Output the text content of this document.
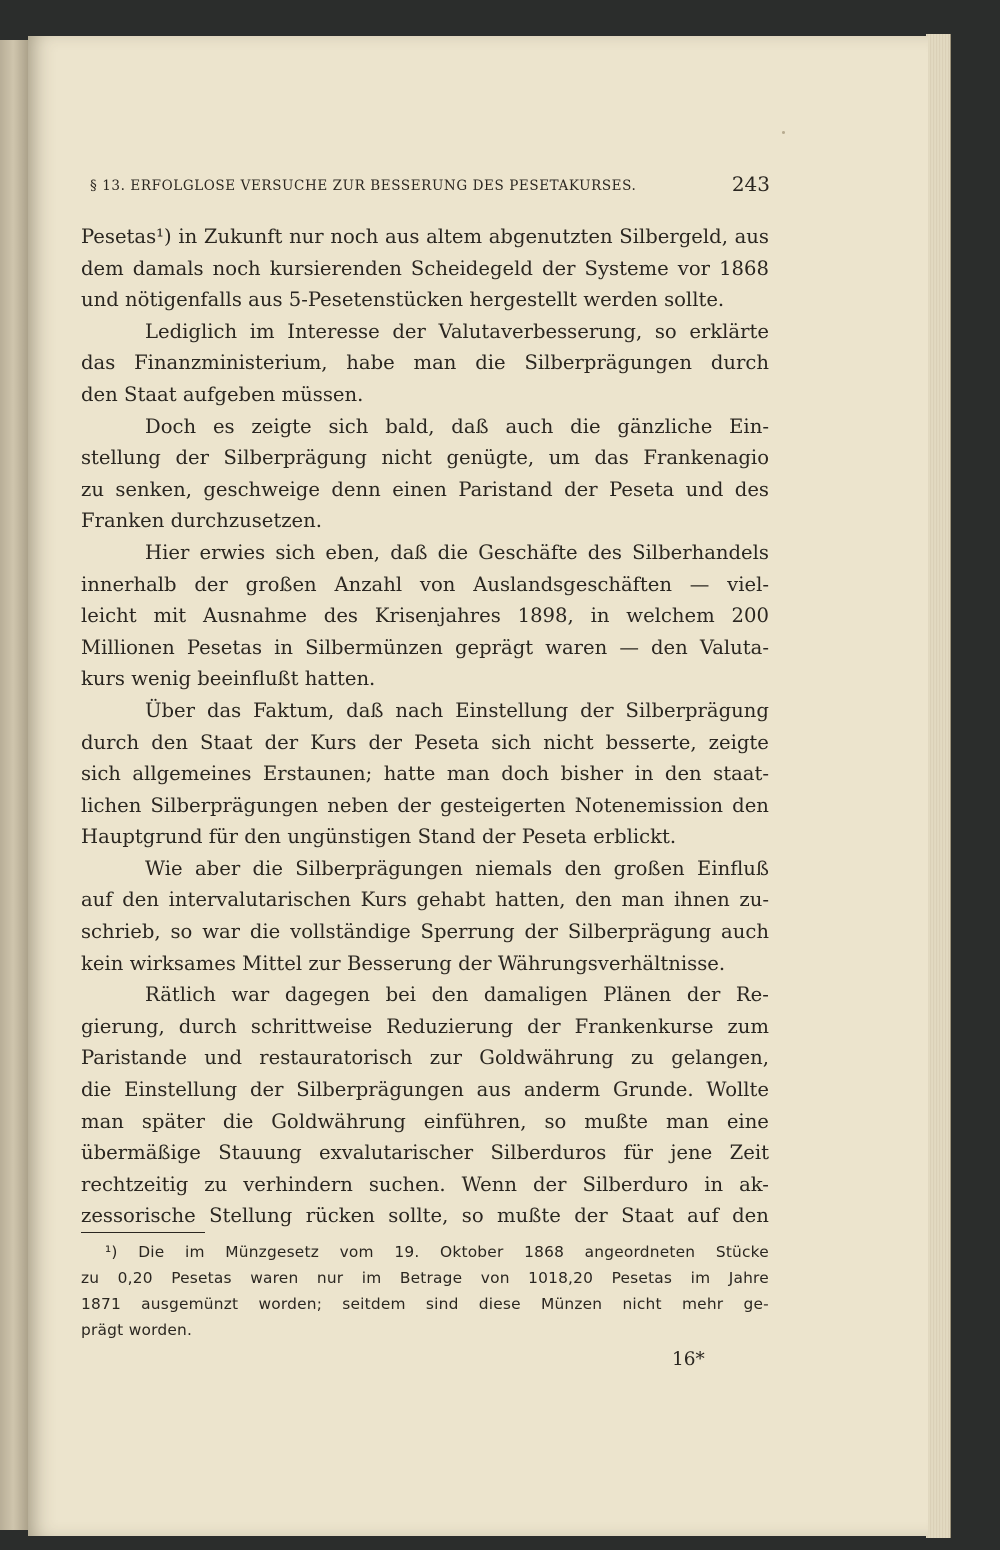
§ 13. ERFOLGLOSE VERSUCHE ZUR BESSERUNG DES PESETAKURSES.	243
Pesetas¹) in Zukunft nur noch aus altem abgenutzten Silbergeld, aus
dem damals noch kursierenden Scheidegeld der Systeme vor 1868
und nötigenfalls aus 5-Pesetenstücken hergestellt werden sollte.
Lediglich im Interesse der Valutaverbesserung, so erklärte
das Finanzministerium, habe man die Silberprägungen durch
den Staat aufgeben müssen.
Doch es zeigte sich bald, daß auch die gänzliche Ein-
stellung der Silberprägung nicht genügte, um das Frankenagio
zu senken, geschweige denn einen Paristand der Peseta und des
Franken durchzusetzen.
Hier erwies sich eben, daß die Geschäfte des Silberhandels
innerhalb der großen Anzahl von Auslandsgeschäften — viel-
leicht mit Ausnahme des Krisenjahres 1898, in welchem 200
Millionen Pesetas in Silbermünzen geprägt waren — den Valuta-
kurs wenig beeinflußt hatten.
Über das Faktum, daß nach Einstellung der Silberprägung
durch den Staat der Kurs der Peseta sich nicht besserte, zeigte
sich allgemeines Erstaunen; hatte man doch bisher in den staat-
lichen Silberprägungen neben der gesteigerten Notenemission den
Hauptgrund für den ungünstigen Stand der Peseta erblickt.
Wie aber die Silberprägungen niemals den großen Einfluß
auf den intervalutarischen Kurs gehabt hatten, den man ihnen zu-
schrieb, so war die vollständige Sperrung der Silberprägung auch
kein wirksames Mittel zur Besserung der Währungsverhältnisse.
Rätlich war dagegen bei den damaligen Plänen der Re-
gierung, durch schrittweise Reduzierung der Frankenkurse zum
Paristande und restauratorisch zur Goldwährung zu gelangen,
die Einstellung der Silberprägungen aus anderm Grunde. Wollte
man später die Goldwährung einführen, so mußte man eine
übermäßige Stauung exvalutarischer Silberduros für jene Zeit
rechtzeitig zu verhindern suchen. Wenn der Silberduro in ak-
zessorische Stellung rücken sollte, so mußte der Staat auf den
¹) Die im Münzgesetz vom 19. Oktober 1868 angeordneten Stücke
zu 0,20 Pesetas waren nur im Betrage von 1018,20 Pesetas im Jahre
1871 ausgemünzt worden; seitdem sind diese Münzen nicht mehr ge-
prägt worden.
16*
